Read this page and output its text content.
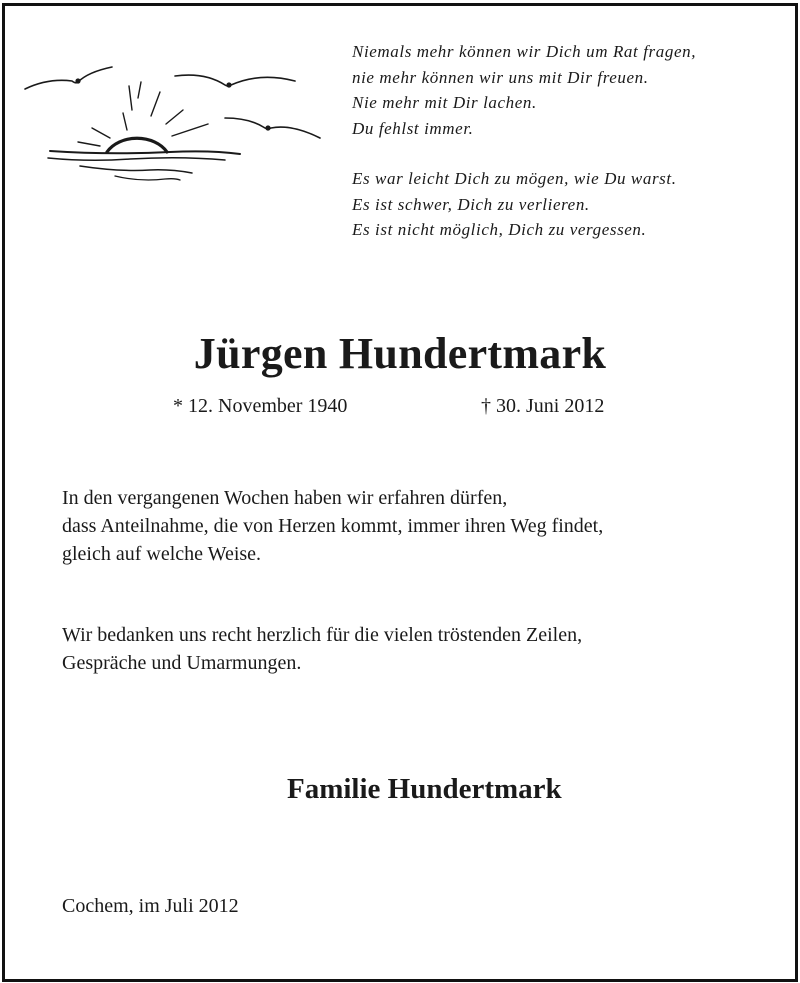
Niemals mehr können wir Dich um Rat fragen,
nie mehr können wir uns mit Dir freuen.
Nie mehr mit Dir lachen.
Du fehlst immer.
Es war leicht Dich zu mögen, wie Du warst.
Es ist schwer, Dich zu verlieren.
Es ist nicht möglich, Dich zu vergessen.
Jürgen Hundertmark
* 12. November 1940	† 30. Juni 2012
In den vergangenen Wochen haben wir erfahren dürfen,
dass Anteilnahme, die von Herzen kommt, immer ihren Weg findet,
gleich auf welche Weise.
Wir bedanken uns recht herzlich für die vielen tröstenden Zeilen,
Gespräche und Umarmungen.
Familie Hundertmark
Cochem, im Juli 2012
